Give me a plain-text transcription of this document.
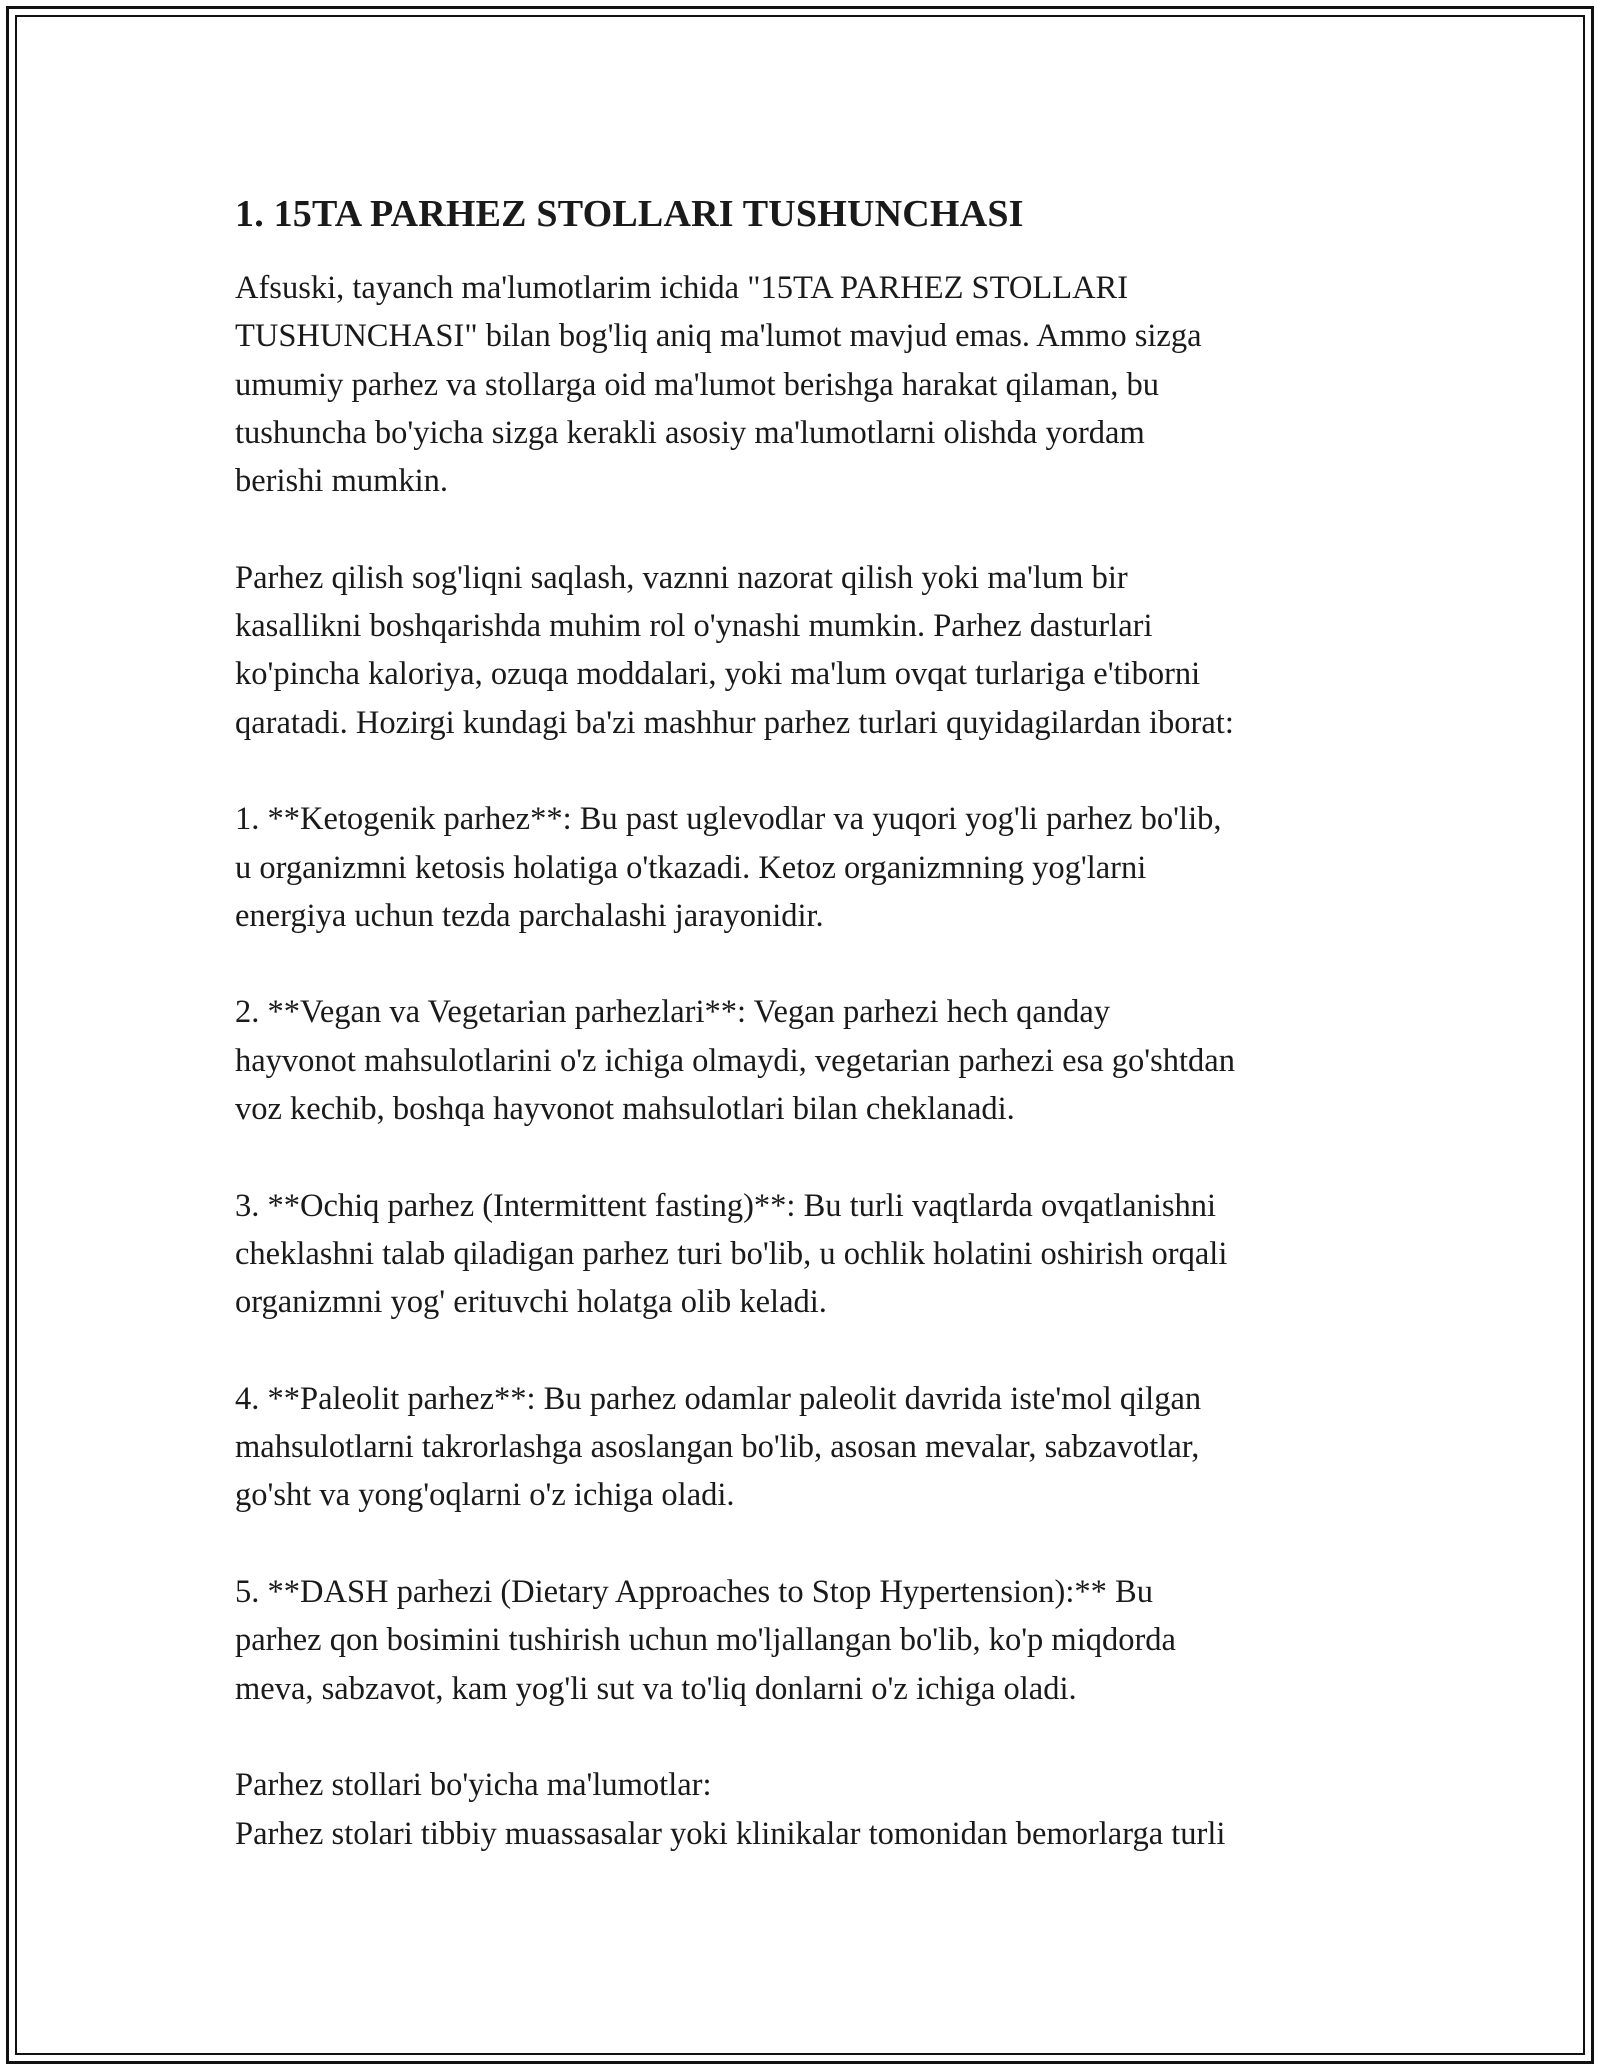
1. 15TA PARHEZ STOLLARI TUSHUNCHASI

Afsuski, tayanch ma'lumotlarim ichida "15TA PARHEZ STOLLARI
TUSHUNCHASI" bilan bog'liq aniq ma'lumot mavjud emas. Ammo sizga
umumiy parhez va stollarga oid ma'lumot berishga harakat qilaman, bu
tushuncha bo'yicha sizga kerakli asosiy ma'lumotlarni olishda yordam
berishi mumkin.

Parhez qilish sog'liqni saqlash, vaznni nazorat qilish yoki ma'lum bir
kasallikni boshqarishda muhim rol o'ynashi mumkin. Parhez dasturlari
ko'pincha kaloriya, ozuqa moddalari, yoki ma'lum ovqat turlariga e'tiborni
qaratadi. Hozirgi kundagi ba'zi mashhur parhez turlari quyidagilardan iborat:

1. **Ketogenik parhez**: Bu past uglevodlar va yuqori yog'li parhez bo'lib,
u organizmni ketosis holatiga o'tkazadi. Ketoz organizmning yog'larni
energiya uchun tezda parchalashi jarayonidir.

2. **Vegan va Vegetarian parhezlari**: Vegan parhezi hech qanday
hayvonot mahsulotlarini o'z ichiga olmaydi, vegetarian parhezi esa go'shtdan
voz kechib, boshqa hayvonot mahsulotlari bilan cheklanadi.

3. **Ochiq parhez (Intermittent fasting)**: Bu turli vaqtlarda ovqatlanishni
cheklashni talab qiladigan parhez turi bo'lib, u ochlik holatini oshirish orqali
organizmni yog' erituvchi holatga olib keladi.

4. **Paleolit parhez**: Bu parhez odamlar paleolit davrida iste'mol qilgan
mahsulotlarni takrorlashga asoslangan bo'lib, asosan mevalar, sabzavotlar,
go'sht va yong'oqlarni o'z ichiga oladi.

5. **DASH parhezi (Dietary Approaches to Stop Hypertension):** Bu
parhez qon bosimini tushirish uchun mo'ljallangan bo'lib, ko'p miqdorda
meva, sabzavot, kam yog'li sut va to'liq donlarni o'z ichiga oladi.

Parhez stollari bo'yicha ma'lumotlar:
Parhez stolari tibbiy muassasalar yoki klinikalar tomonidan bemorlarga turli
